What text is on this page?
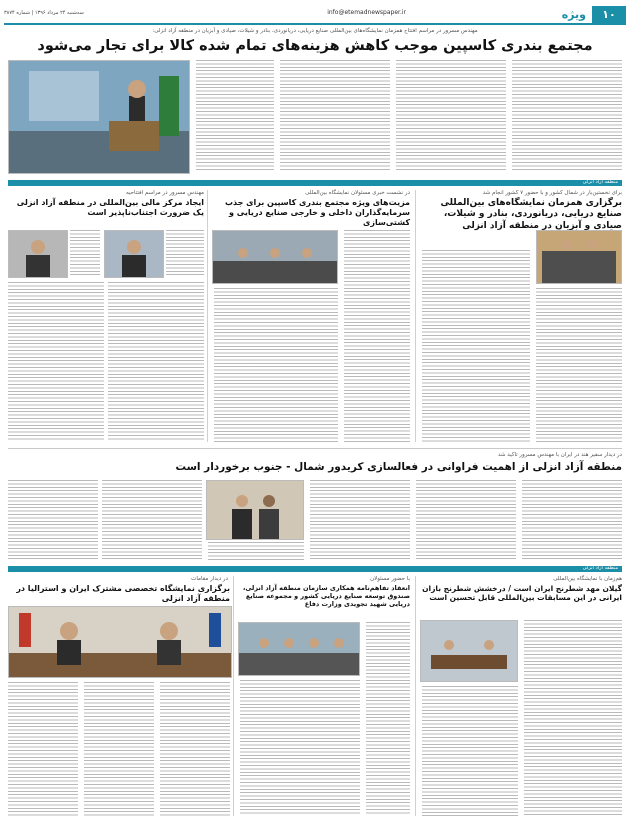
۱۰
ویژه
info@etemadnewspaper.ir
سه‌شنبه ۲۴ مرداد ۱۳۹۶ | شماره ۳۸۷۴
مهندس مسرور در مراسم افتتاح همزمان نمایشگاه‌های بین‌المللی صنایع دریایی، دریانوردی، بنادر و شیلات، صیادی و آبزیان در منطقه آزاد انزلی:
مجتمع بندری کاسپین موجب کاهش هزینه‌های تمام شده کالا برای تجار می‌شود
منطقه آزاد انزلی
برای نخستین‌بار در شمال کشور و با حضور ۷ کشور انجام شد
برگزاری همزمان نمایشگاه‌های بین‌المللی صنایع دریایی، دریانوردی، بنادر و شیلات، صیادی و آبزیان در منطقه آزاد انزلی
در نشست خبری مسئولان نمایشگاه بین‌المللی
مزیت‌های ویژه مجتمع بندری کاسپین برای جذب سرمایه‌گذاران داخلی و خارجی صنایع دریایی و کشتی‌سازی
مهندس مسرور در مراسم افتتاحیه
ایجاد مرکز مالی بین‌المللی در منطقه آزاد انزلی یک ضرورت اجتناب‌ناپذیر است
در دیدار سفیر هند در ایران با مهندس مسرور تاکید شد
منطقه آزاد انزلی از اهمیت فراوانی در فعالسازی کریدور شمال - جنوب برخوردار است
منطقه آزاد انزلی
هم‌زمان با نمایشگاه بین‌المللی
گیلان مهد شطرنج ایران است / درخشش شطرنج بازان ایرانی در این مسابقات بین‌المللی قابل تحسین است
با حضور مسئولان
انعقاد تفاهم‌نامه همکاری سازمان منطقه آزاد انزلی، صندوق توسعه صنایع دریایی کشور و مجموعه صنایع دریایی شهید تجویدی وزارت دفاع
در دیدار مقامات
برگزاری نمایشگاه تخصصی مشترک ایران و استرالیا در منطقه آزاد انزلی
